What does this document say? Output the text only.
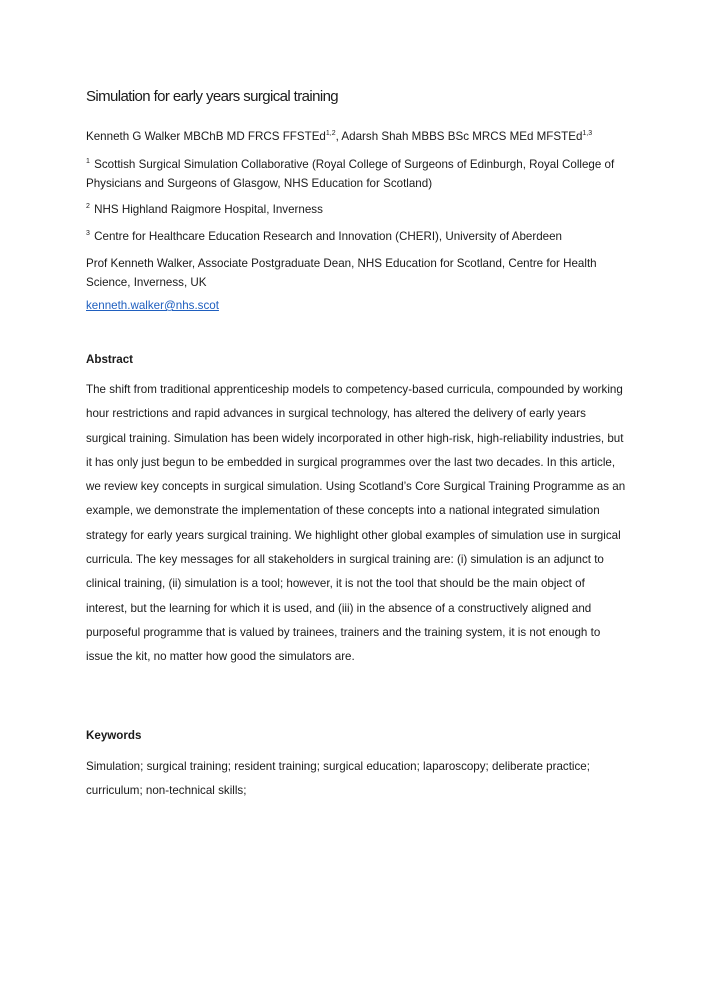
Simulation for early years surgical training

Kenneth G Walker MBChB MD FRCS FFSTEd$^{1,2}$, Adarsh Shah MBBS BSc MRCS MEd MFSTEd$^{1,3}$

$^1$ Scottish Surgical Simulation Collaborative (Royal College of Surgeons of Edinburgh, Royal College of Physicians and Surgeons of Glasgow, NHS Education for Scotland)

$^2$ NHS Highland Raigmore Hospital, Inverness

$^3$ Centre for Healthcare Education Research and Innovation (CHERI), University of Aberdeen

Prof Kenneth Walker, Associate Postgraduate Dean, NHS Education for Scotland, Centre for Health Science, Inverness, UK

kenneth.walker@nhs.scot
Abstract

The shift from traditional apprenticeship models to competency-based curricula, compounded by working hour restrictions and rapid advances in surgical technology, has altered the delivery of early years surgical training. Simulation has been widely incorporated in other high-risk, high-reliability industries, but it has only just begun to be embedded in surgical programmes over the last two decades. In this article, we review key concepts in surgical simulation. Using Scotland’s Core Surgical Training Programme as an example, we demonstrate the implementation of these concepts into a national integrated simulation strategy for early years surgical training. We highlight other global examples of simulation use in surgical curricula. The key messages for all stakeholders in surgical training are: (i) simulation is an adjunct to clinical training, (ii) simulation is a tool; however, it is not the tool that should be the main object of interest, but the learning for which it is used, and (iii) in the absence of a constructively aligned and purposeful programme that is valued by trainees, trainers and the training system, it is not enough to issue the kit, no matter how good the simulators are.

Keywords

Simulation; surgical training; resident training; surgical education; laparoscopy; deliberate practice; curriculum; non-technical skills;
